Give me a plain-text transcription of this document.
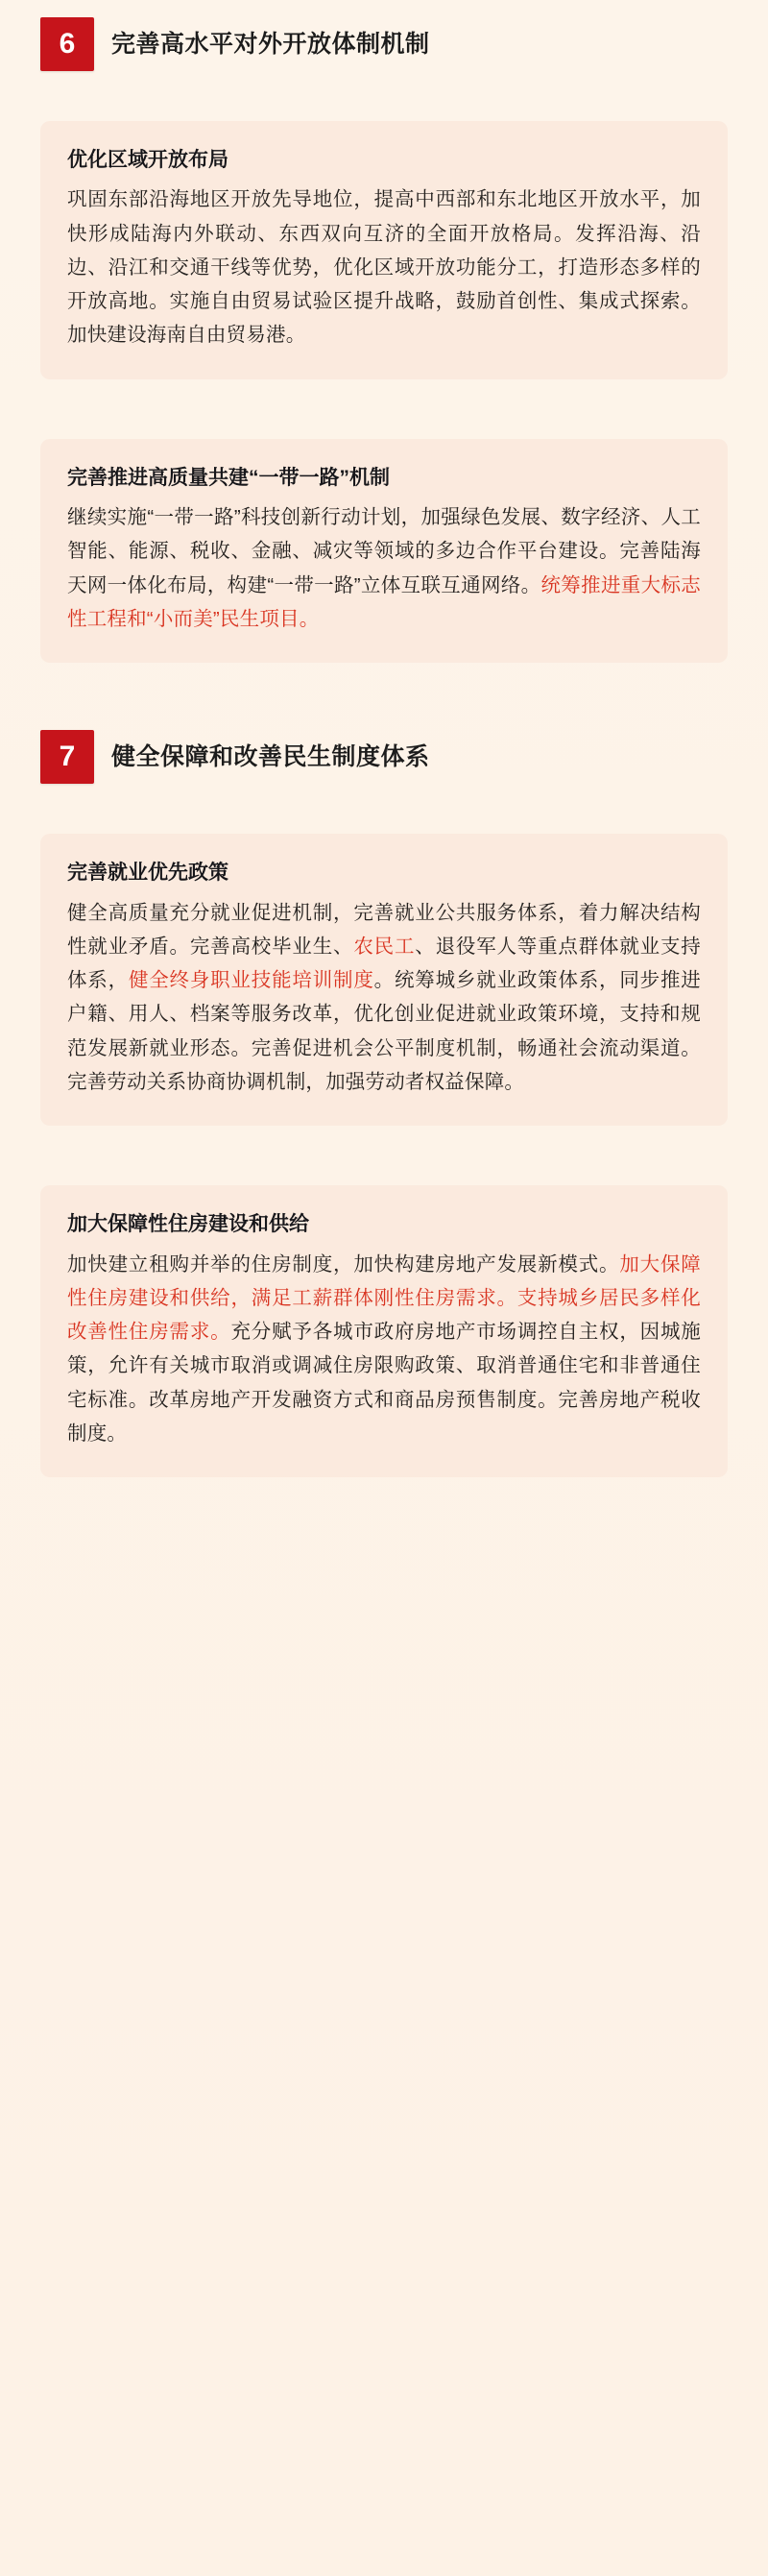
6	完善高水平对外开放体制机制
优化区域开放布局
巩固东部沿海地区开放先导地位，提高中西部和东北地区开放水平，加快形成陆海内外联动、东西双向互济的全面开放格局。发挥沿海、沿边、沿江和交通干线等优势，优化区域开放功能分工，打造形态多样的开放高地。实施自由贸易试验区提升战略，鼓励首创性、集成式探索。加快建设海南自由贸易港。
完善推进高质量共建“一带一路”机制
继续实施“一带一路”科技创新行动计划，加强绿色发展、数字经济、人工智能、能源、税收、金融、减灾等领域的多边合作平台建设。完善陆海天网一体化布局，构建“一带一路”立体互联互通网络。统筹推进重大标志性工程和“小而美”民生项目。
7	健全保障和改善民生制度体系
完善就业优先政策
健全高质量充分就业促进机制，完善就业公共服务体系，着力解决结构性就业矛盾。完善高校毕业生、农民工、退役军人等重点群体就业支持体系，健全终身职业技能培训制度。统筹城乡就业政策体系，同步推进户籍、用人、档案等服务改革，优化创业促进就业政策环境，支持和规范发展新就业形态。完善促进机会公平制度机制，畅通社会流动渠道。完善劳动关系协商协调机制，加强劳动者权益保障。
加大保障性住房建设和供给
加快建立租购并举的住房制度，加快构建房地产发展新模式。加大保障性住房建设和供给，满足工薪群体刚性住房需求。支持城乡居民多样化改善性住房需求。充分赋予各城市政府房地产市场调控自主权，因城施策，允许有关城市取消或调减住房限购政策、取消普通住宅和非普通住宅标准。改革房地产开发融资方式和商品房预售制度。完善房地产税收制度。
